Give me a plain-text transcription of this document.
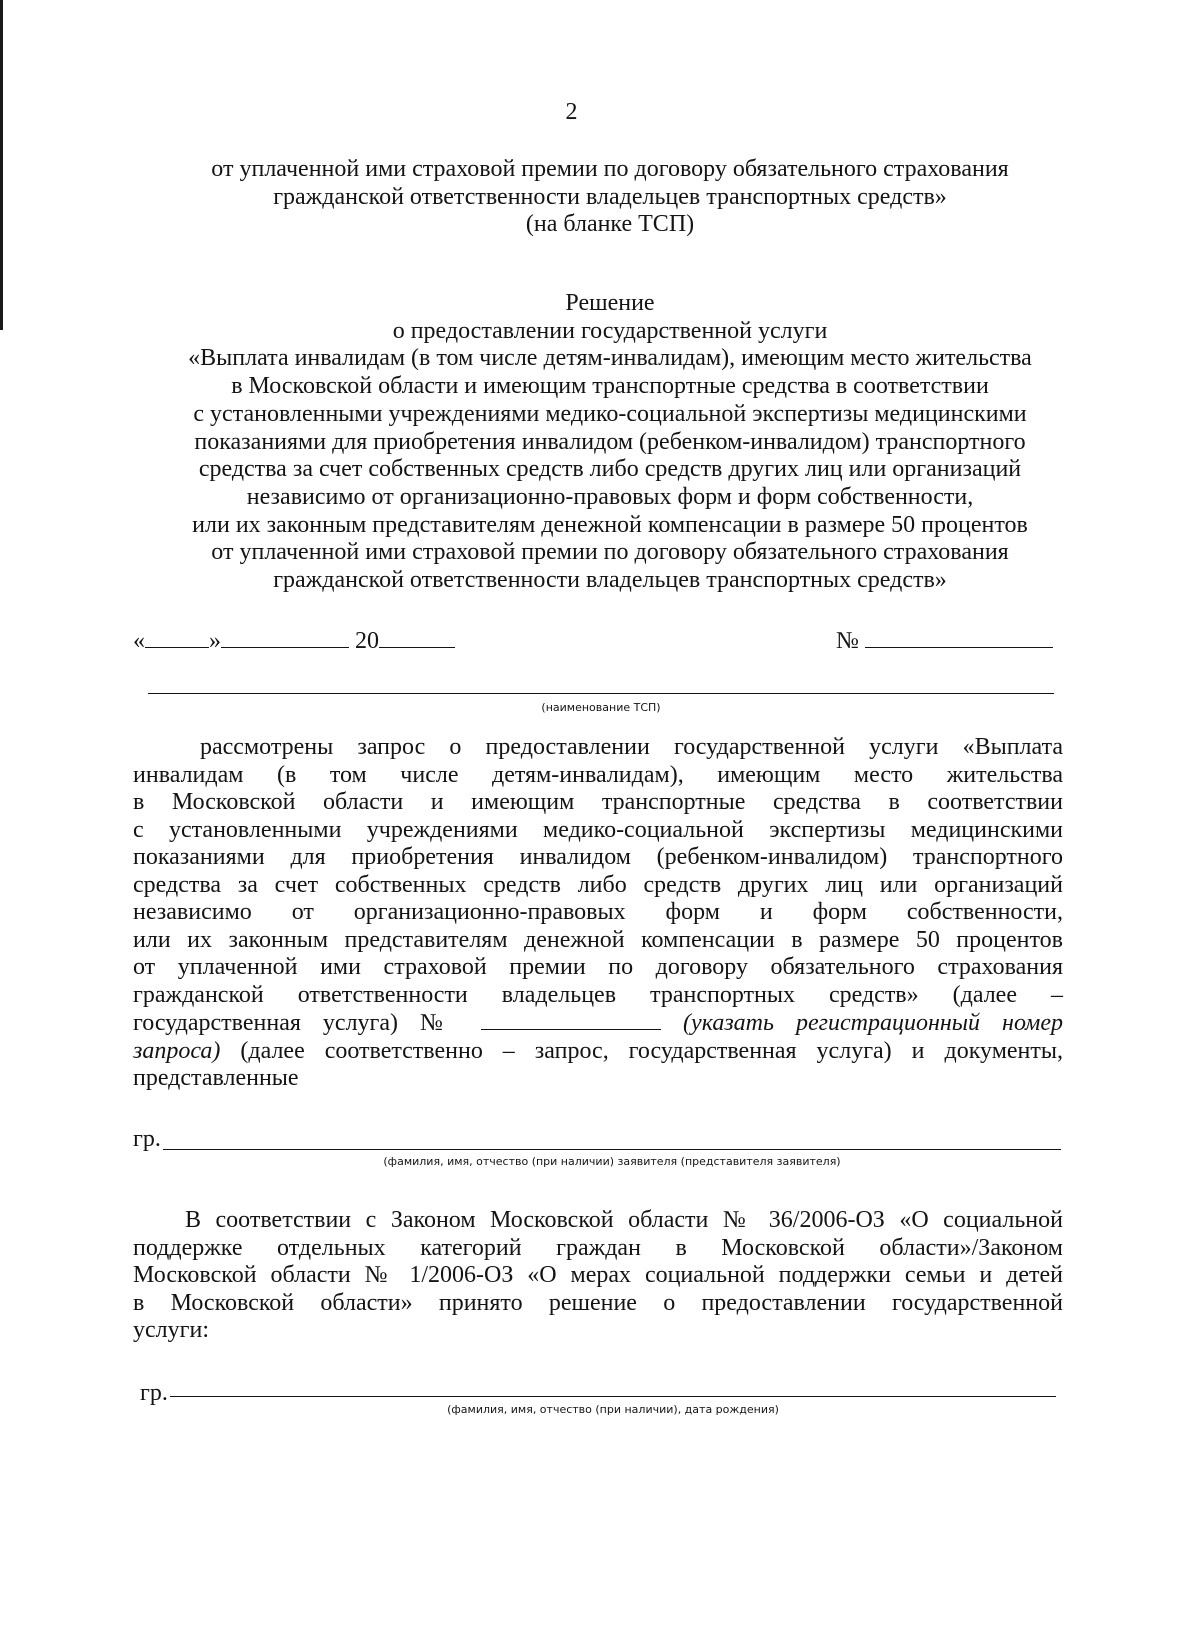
2
от уплаченной ими страховой премии по договору обязательного страхования
гражданской ответственности владельцев транспортных средств»
(на бланке ТСП)
Решение
о предоставлении государственной услуги
«Выплата инвалидам (в том числе детям-инвалидам), имеющим место жительства
в Московской области и имеющим транспортные средства в соответствии
с установленными учреждениями медико-социальной экспертизы медицинскими
показаниями для приобретения инвалидом (ребенком-инвалидом) транспортного
средства за счет собственных средств либо средств других лиц или организаций
независимо от организационно-правовых форм и форм собственности,
или их законным представителям денежной компенсации в размере 50 процентов
от уплаченной ими страховой премии по договору обязательного страхования
гражданской ответственности владельцев транспортных средств»
«	»	20	№
(наименование ТСП)
рассмотрены запрос о предоставлении государственной услуги «Выплата
инвалидам (в том числе детям-инвалидам), имеющим место жительства
в Московской области и имеющим транспортные средства в соответствии
с установленными учреждениями медико-социальной экспертизы медицинскими
показаниями для приобретения инвалидом (ребенком-инвалидом) транспортного
средства за счет собственных средств либо средств других лиц или организаций
независимо от организационно-правовых форм и форм собственности,
или их законным представителям денежной компенсации в размере 50 процентов
от уплаченной ими страховой премии по договору обязательного страхования
гражданской ответственности владельцев транспортных средств» (далее –
государственная услуга) №	(указать регистрационный номер
запроса) (далее соответственно – запрос, государственная услуга) и документы,
представленные
гр.
(фамилия, имя, отчество (при наличии) заявителя (представителя заявителя)
В соответствии с Законом Московской области № 36/2006-ОЗ «О социальной
поддержке отдельных категорий граждан в Московской области»/Законом
Московской области № 1/2006-ОЗ «О мерах социальной поддержки семьи и детей
в Московской области» принято решение о предоставлении государственной
услуги:
гр.
(фамилия, имя, отчество (при наличии), дата рождения)
